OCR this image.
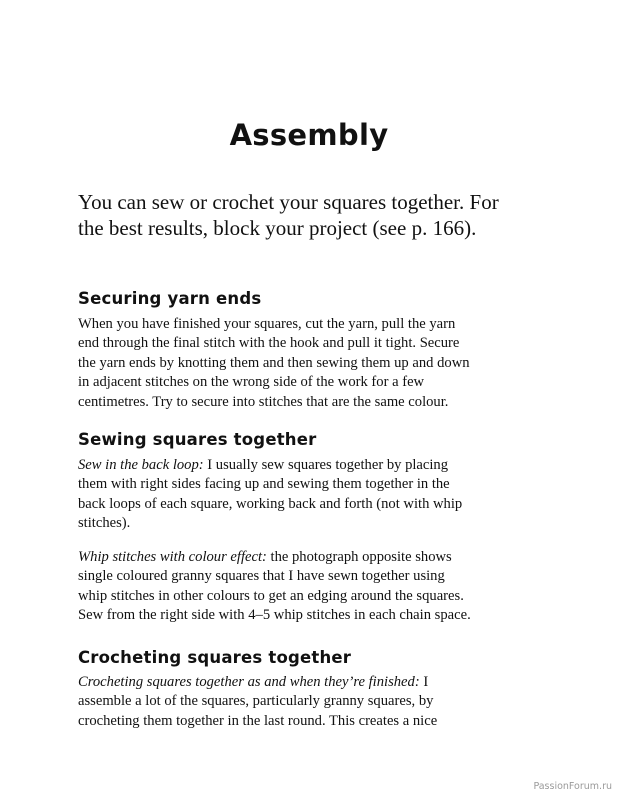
Assembly

You can sew or crochet your squares together. For the best results, block your project (see p. 166).

Securing yarn ends

When you have finished your squares, cut the yarn, pull the yarn
end through the final stitch with the hook and pull it tight. Secure
the yarn ends by knotting them and then sewing them up and down
in adjacent stitches on the wrong side of the work for a few
centimetres. Try to secure into stitches that are the same colour.

Sewing squares together

Sew in the back loop: I usually sew squares together by placing
them with right sides facing up and sewing them together in the
back loops of each square, working back and forth (not with whip
stitches).

Whip stitches with colour effect: the photograph opposite shows
single coloured granny squares that I have sewn together using
whip stitches in other colours to get an edging around the squares.
Sew from the right side with 4–5 whip stitches in each chain space.

Crocheting squares together

Crocheting squares together as and when they’re finished: I
assemble a lot of the squares, particularly granny squares, by
crocheting them together in the last round. This creates a nice

PassionForum.ru
